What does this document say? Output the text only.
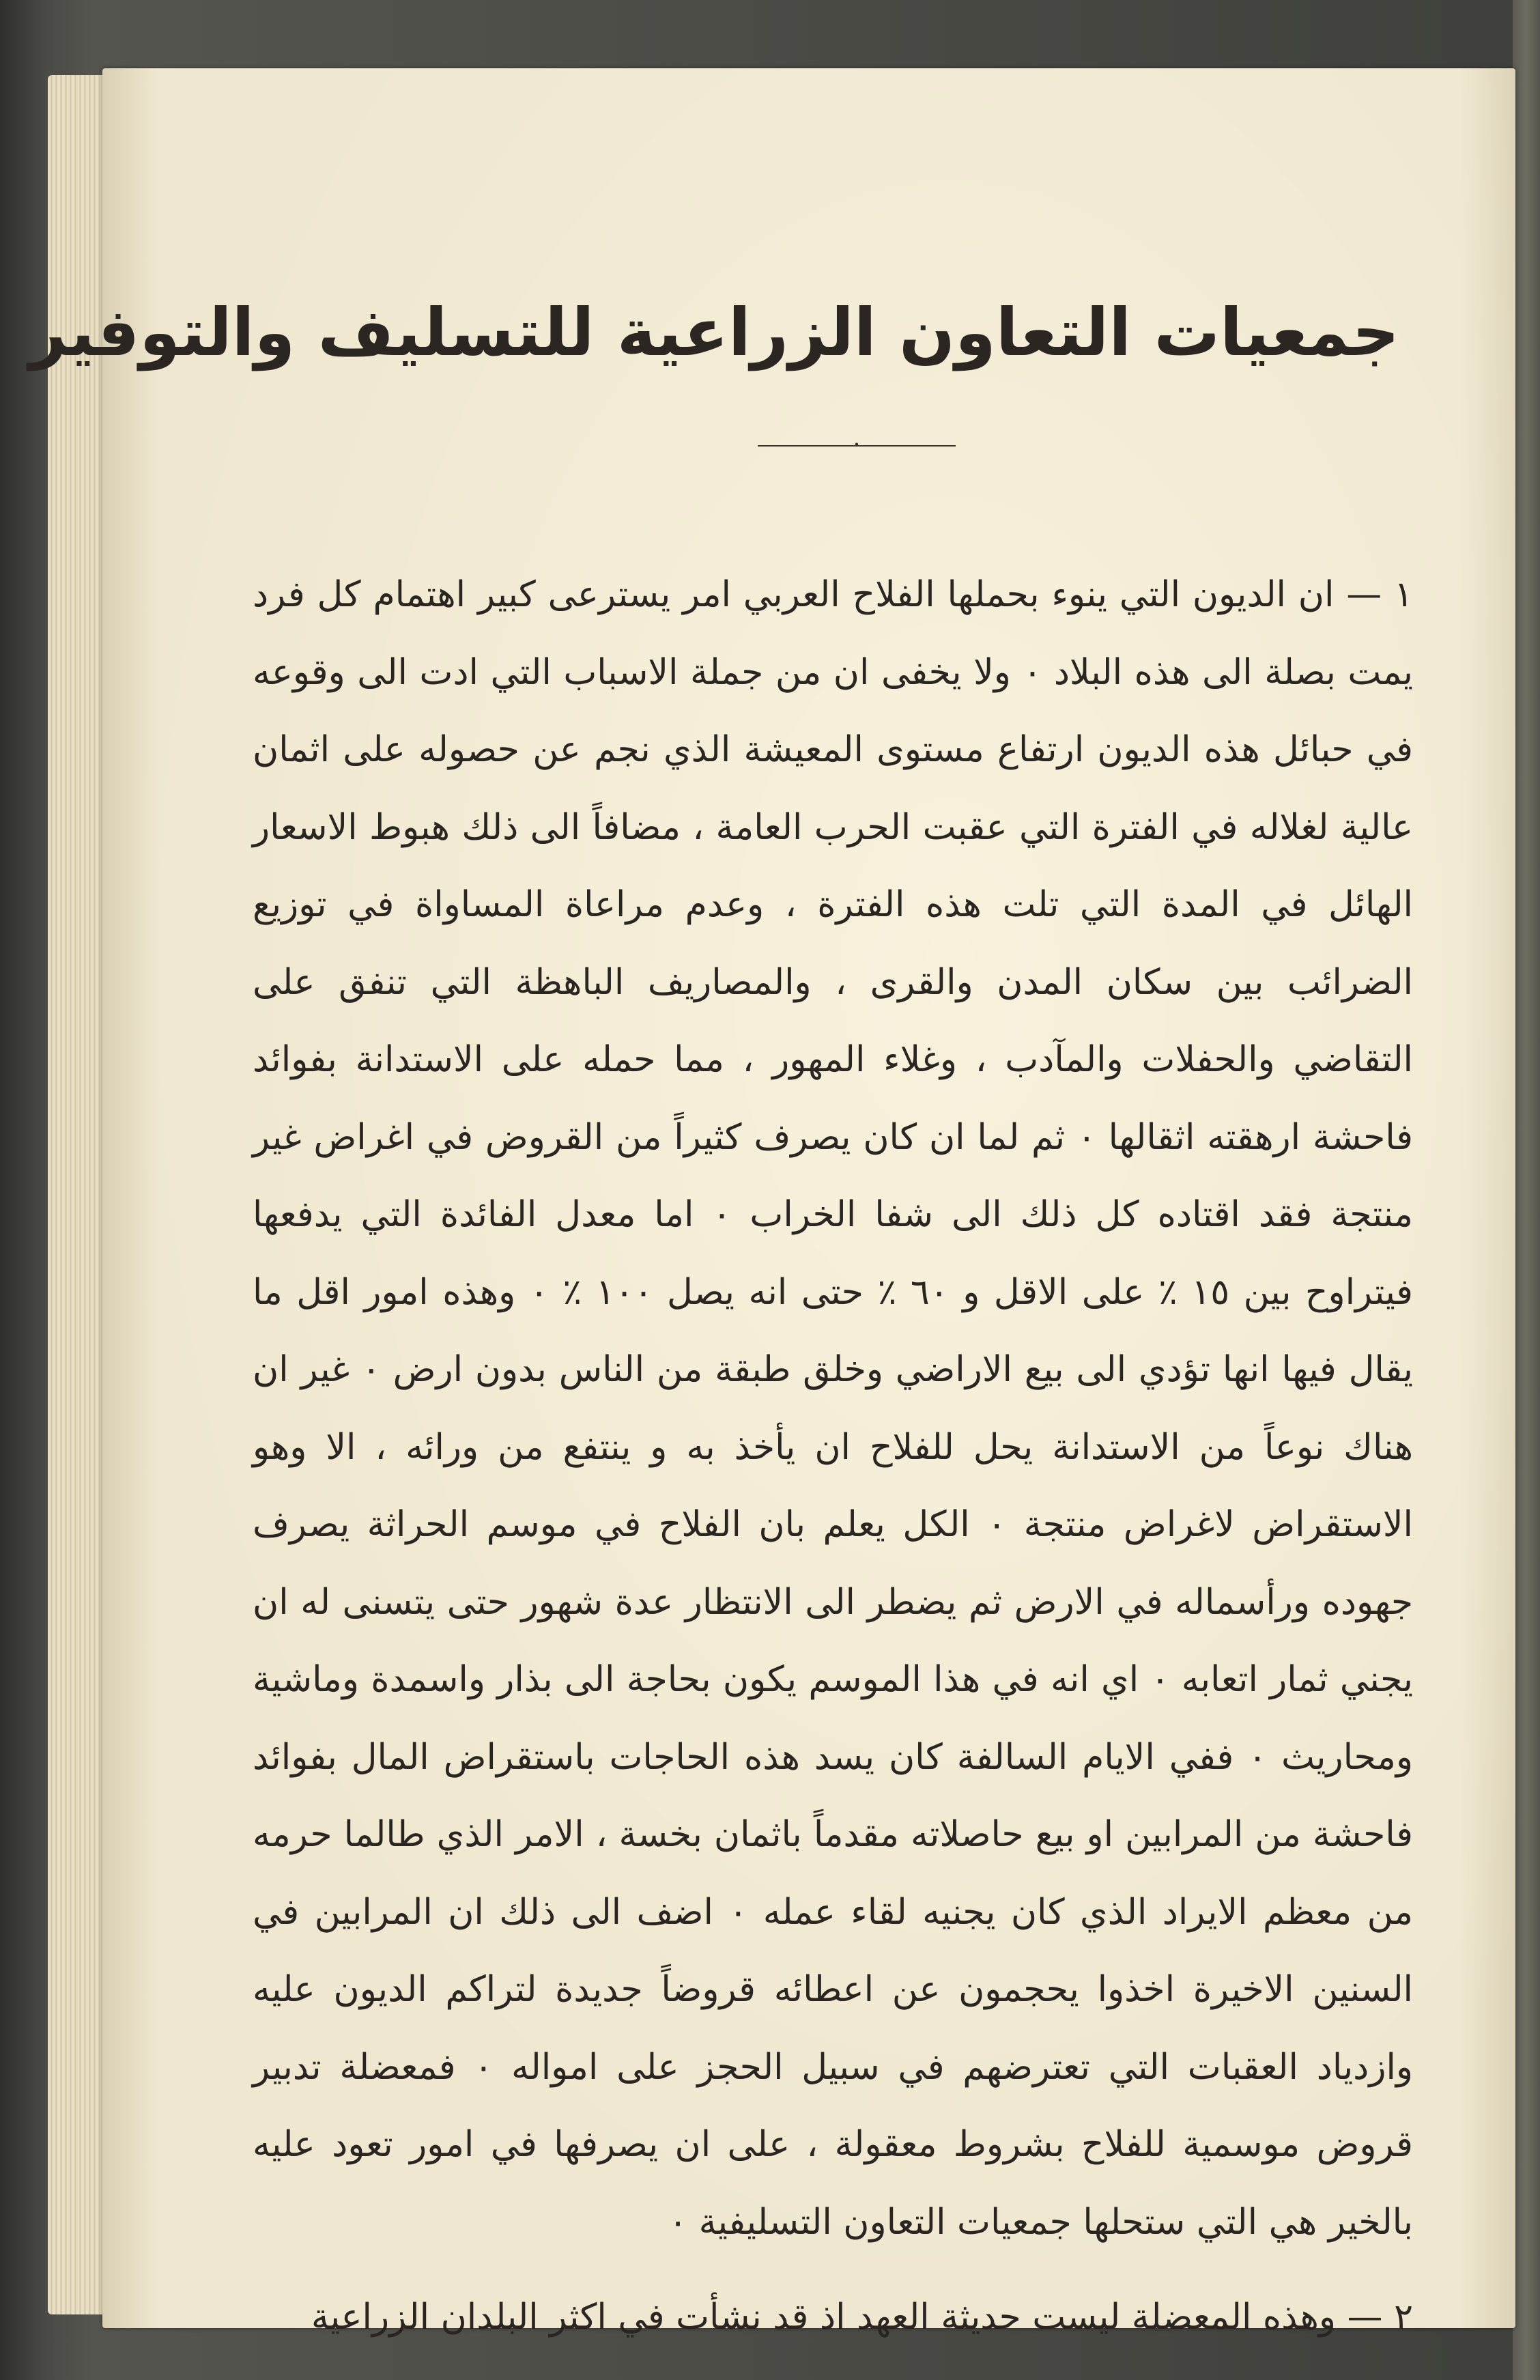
جمعيات التعاون الزراعية للتسليف والتوفير
•

١ — ان الديون التي ينوء بحملها الفلاح العربي امر يسترعى كبير اهتمام كل فرد يمت بصلة الى هذه البلاد ٠ ولا يخفى ان من جملة الاسباب التي ادت الى وقوعه في حبائل هذه الديون ارتفاع مستوى المعيشة الذي نجم عن حصوله على اثمان عالية لغلاله في الفترة التي عقبت الحرب العامة ، مضافاً الى ذلك هبوط الاسعار الهائل في المدة التي تلت هذه الفترة ، وعدم مراعاة المساواة في توزيع الضرائب بين سكان المدن والقرى ، والمصاريف الباهظة التي تنفق على التقاضي والحفلات والمآدب ، وغلاء المهور ، مما حمله على الاستدانة بفوائد فاحشة ارهقته اثقالها ٠ ثم لما ان كان يصرف كثيراً من القروض في اغراض غير منتجة فقد اقتاده كل ذلك الى شفا الخراب ٠ اما معدل الفائدة التي يدفعها فيتراوح بين ١٥ ٪ على الاقل و ٦٠ ٪ حتى انه يصل ١٠٠ ٪ ٠ وهذه امور اقل ما يقال فيها انها تؤدي الى بيع الاراضي وخلق طبقة من الناس بدون ارض ٠ غير ان هناك نوعاً من الاستدانة يحل للفلاح ان يأخذ به و ينتفع من ورائه ، الا وهو الاستقراض لاغراض منتجة ٠ الكل يعلم بان الفلاح في موسم الحراثة يصرف جهوده ورأسماله في الارض ثم يضطر الى الانتظار عدة شهور حتى يتسنى له ان يجني ثمار اتعابه ٠ اي انه في هذا الموسم يكون بحاجة الى بذار واسمدة وماشية ومحاريث ٠ ففي الايام السالفة كان يسد هذه الحاجات باستقراض المال بفوائد فاحشة من المرابين او بيع حاصلاته مقدماً باثمان بخسة ، الامر الذي طالما حرمه من معظم الايراد الذي كان يجنيه لقاء عمله ٠ اضف الى ذلك ان المرابين في السنين الاخيرة اخذوا يحجمون عن اعطائه قروضاً جديدة لتراكم الديون عليه وازدياد العقبات التي تعترضهم في سبيل الحجز على امواله ٠ فمعضلة تدبير قروض موسمية للفلاح بشروط معقولة ، على ان يصرفها في امور تعود عليه بالخير هي التي ستحلها جمعيات التعاون التسليفية ٠

٢ — وهذه المعضلة ليست حديثة العهد اذ قد نشأت في اكثر البلدان الزراعية
